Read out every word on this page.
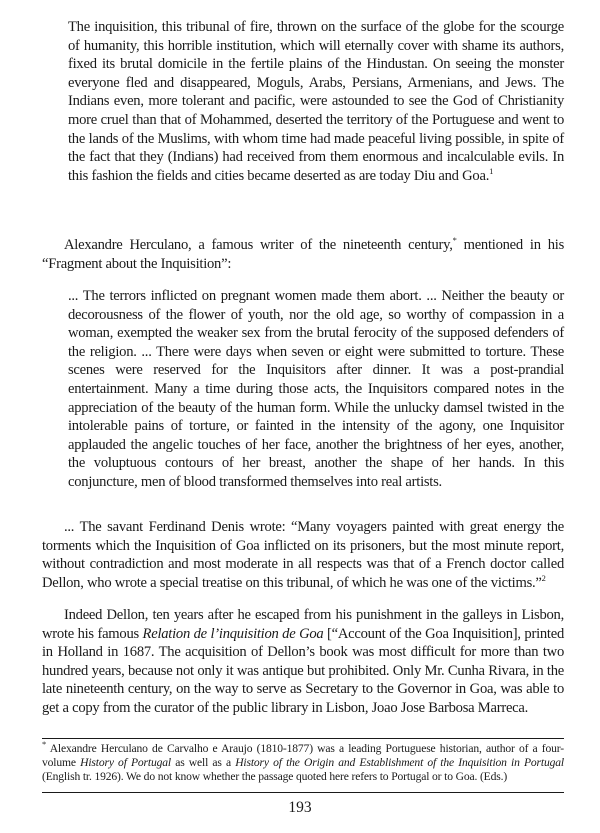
The inquisition, this tribunal of fire, thrown on the surface of the globe for the scourge of humanity, this horrible institution, which will eternally cover with shame its authors, fixed its brutal domicile in the fertile plains of the Hindustan. On seeing the monster everyone fled and disappeared, Moguls, Arabs, Persians, Armenians, and Jews. The Indians even, more tolerant and pacific, were astounded to see the God of Christianity more cruel than that of Mohammed, deserted the territory of the Portuguese and went to the lands of the Muslims, with whom time had made peaceful living possible, in spite of the fact that they (Indians) had received from them enormous and incalculable evils. In this fashion the fields and cities became deserted as are today Diu and Goa.$^1$

Alexandre Herculano, a famous writer of the nineteenth century,* mentioned in his “Fragment about the Inquisition”:

... The terrors inflicted on pregnant women made them abort. ... Neither the beauty or decorousness of the flower of youth, nor the old age, so worthy of compassion in a woman, exempted the weaker sex from the brutal ferocity of the supposed defenders of the religion. ... There were days when seven or eight were submitted to torture. These scenes were reserved for the Inquisitors after dinner. It was a post-prandial entertainment. Many a time during those acts, the Inquisitors compared notes in the appreciation of the beauty of the human form. While the unlucky damsel twisted in the intolerable pains of torture, or fainted in the intensity of the agony, one Inquisitor applauded the angelic touches of her face, another the brightness of her eyes, another, the voluptuous contours of her breast, another the shape of her hands. In this conjuncture, men of blood transformed themselves into real artists.

... The savant Ferdinand Denis wrote: “Many voyagers painted with great energy the torments which the Inquisition of Goa inflicted on its prisoners, but the most minute report, without contradiction and most moderate in all respects was that of a French doctor called Dellon, who wrote a special treatise on this tribunal, of which he was one of the victims.”$^2$

Indeed Dellon, ten years after he escaped from his punishment in the galleys in Lisbon, wrote his famous Relation de l’inquisition de Goa [“Account of the Goa Inquisition], printed in Holland in 1687. The acquisition of Dellon’s book was most difficult for more than two hundred years, because not only it was antique but prohibited. Only Mr. Cunha Rivara, in the late nineteenth century, on the way to serve as Secretary to the Governor in Goa, was able to get a copy from the curator of the public library in Lisbon, Joao Jose Barbosa Marreca.

* Alexandre Herculano de Carvalho e Araujo (1810-1877) was a leading Portuguese historian, author of a four-volume History of Portugal as well as a History of the Origin and Establishment of the Inquisition in Portugal (English tr. 1926). We do not know whether the passage quoted here refers to Portugal or to Goa. (Eds.)

193
